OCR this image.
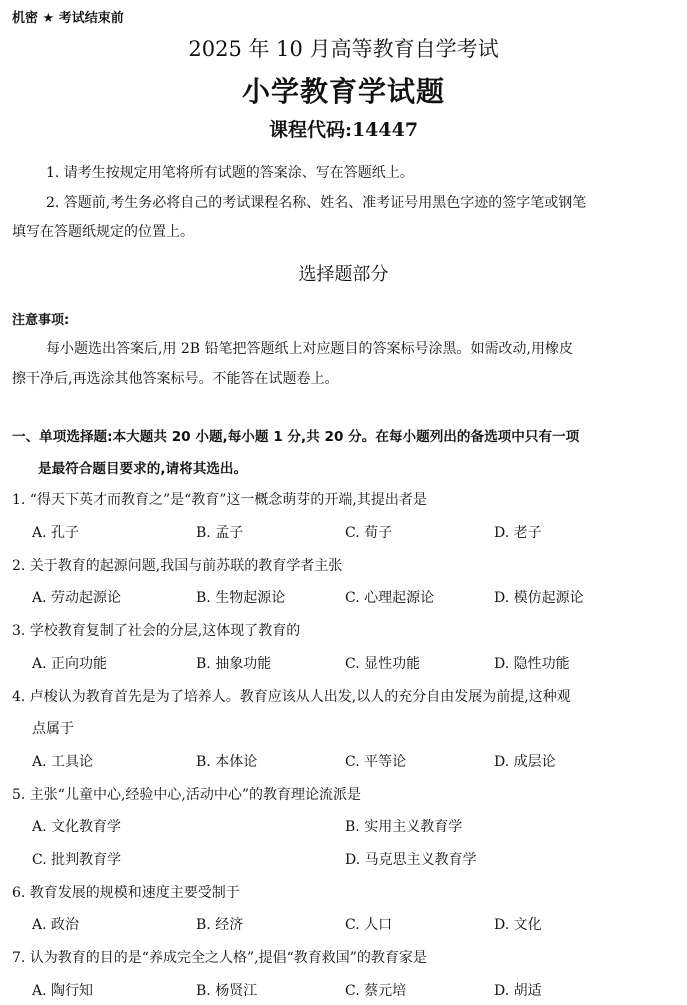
机密 ★ 考试结束前
2025 年 10 月高等教育自学考试
小学教育学试题
课程代码:14447
1. 请考生按规定用笔将所有试题的答案涂、写在答题纸上。
2. 答题前,考生务必将自己的考试课程名称、姓名、准考证号用黑色字迹的签字笔或钢笔
填写在答题纸规定的位置上。
选择题部分
注意事项:
每小题选出答案后,用 2B 铅笔把答题纸上对应题目的答案标号涂黑。如需改动,用橡皮
擦干净后,再选涂其他答案标号。不能答在试题卷上。
一、单项选择题:本大题共 20 小题,每小题 1 分,共 20 分。在每小题列出的备选项中只有一项
是最符合题目要求的,请将其选出。
1. “得天下英才而教育之”是“教育”这一概念萌芽的开端,其提出者是
A. 孔子	B. 孟子	C. 荀子	D. 老子
2. 关于教育的起源问题,我国与前苏联的教育学者主张
A. 劳动起源论	B. 生物起源论	C. 心理起源论	D. 模仿起源论
3. 学校教育复制了社会的分层,这体现了教育的
A. 正向功能	B. 抽象功能	C. 显性功能	D. 隐性功能
4. 卢梭认为教育首先是为了培养人。教育应该从人出发,以人的充分自由发展为前提,这种观
点属于
A. 工具论	B. 本体论	C. 平等论	D. 成层论
5. 主张“儿童中心,经验中心,活动中心”的教育理论流派是
A. 文化教育学	B. 实用主义教育学
C. 批判教育学	D. 马克思主义教育学
6. 教育发展的规模和速度主要受制于
A. 政治	B. 经济	C. 人口	D. 文化
7. 认为教育的目的是“养成完全之人格”,提倡“教育救国”的教育家是
A. 陶行知	B. 杨贤江	C. 蔡元培	D. 胡适
